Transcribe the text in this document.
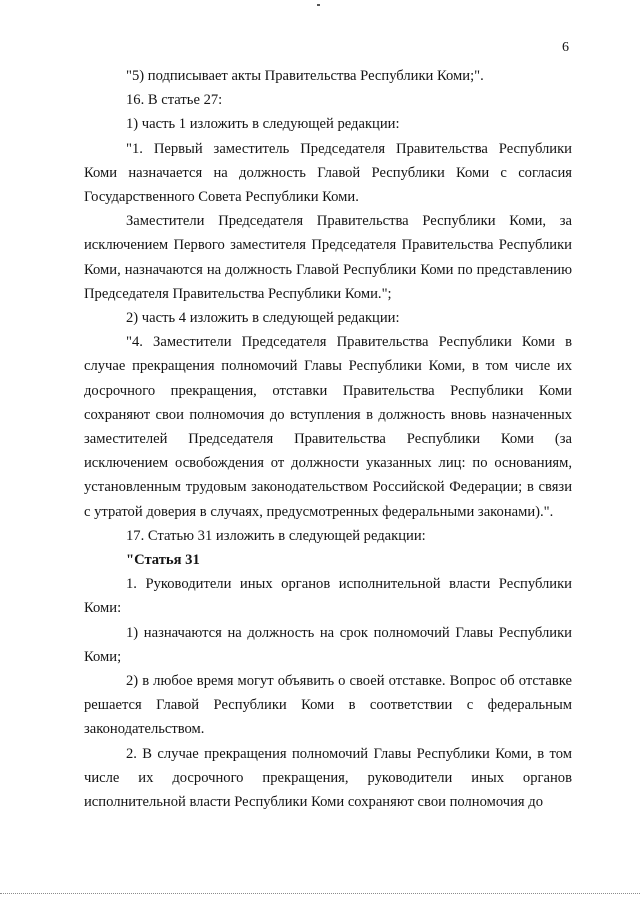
6

"5) подписывает акты Правительства Республики Коми;".

16. В статье 27:

1) часть 1 изложить в следующей редакции:

"1. Первый заместитель Председателя Правительства Республики Коми назначается на должность Главой Республики Коми с согласия Государственного Совета Республики Коми.

Заместители Председателя Правительства Республики Коми, за исключением Первого заместителя Председателя Правительства Республики Коми, назначаются на должность Главой Республики Коми по представлению Председателя Правительства Республики Коми.";

2) часть 4 изложить в следующей редакции:

"4. Заместители Председателя Правительства Республики Коми в случае прекращения полномочий Главы Республики Коми, в том числе их досрочного прекращения, отставки Правительства Республики Коми сохраняют свои полномочия до вступления в должность вновь назначенных заместителей Председателя Правительства Республики Коми (за исключением освобождения от должности указанных лиц: по основаниям, установленным трудовым законодательством Российской Федерации; в связи с утратой доверия в случаях, предусмотренных федеральными законами).".

17. Статью 31 изложить в следующей редакции:

"Статья 31

1. Руководители иных органов исполнительной власти Республики Коми:

1) назначаются на должность на срок полномочий Главы Республики Коми;

2) в любое время могут объявить о своей отставке. Вопрос об отставке решается Главой Республики Коми в соответствии с федеральным законодательством.

2. В случае прекращения полномочий Главы Республики Коми, в том числе их досрочного прекращения, руководители иных органов исполнительной власти Республики Коми сохраняют свои полномочия до
